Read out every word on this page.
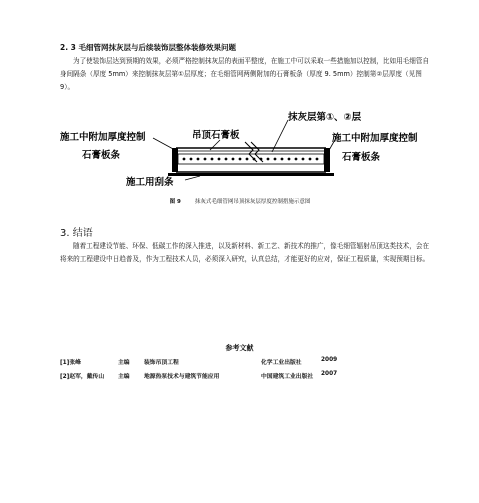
2. 3 毛细管网抹灰层与后续装饰层整体装修效果问题
为了使装饰层达到预期的效果，必须严格控制抹灰层的表面平整度，在施工中可以采取一些措施加以控制，比如用毛细管自身间隔条（厚度 5mm）来控制抹灰层第①层厚度；在毛细管网两侧附加的石膏板条（厚度 9. 5mm）控制第②层厚度（见图 9）。
抹灰层第①、②层
施工中附加厚度控制
石膏板条
吊顶石膏板	施工中附加厚度控制
石膏板条
施工用刮条
图 9	抹灰式毛细管网吊顶抹灰层厚度控制措施示意图
3. 结语
随着工程建设节能、环保、低碳工作的深入推进，以及新材料、新工艺、新技术的推广，像毛细管辐射吊顶这类技术，会在将来的工程建设中日趋普及，作为工程技术人员，必须深入研究，认真总结，才能更好的应对，保证工程质量，实现预期目标。
参考文献
[1]张峰	主编 装饰吊顶工程	化学工业出版社	2009
[2]赵军，戴传山 主编 地源热泵技术与建筑节能应用	中国建筑工业出版社 2007
